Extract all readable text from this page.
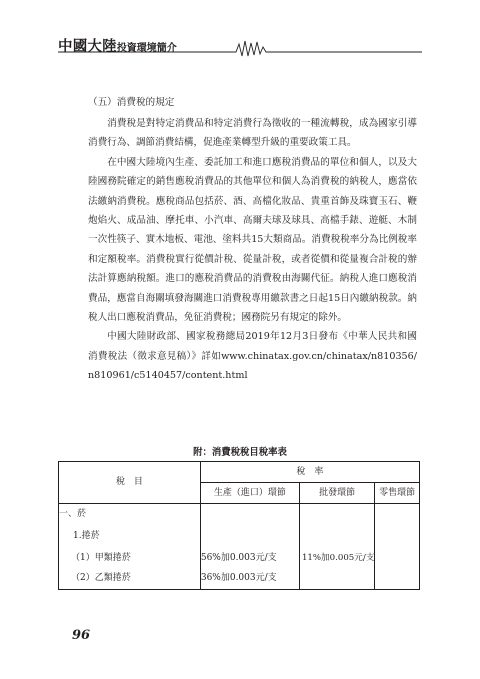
中國大陸投資環境簡介
（五）消費稅的規定

消費稅是對特定消費品和特定消費行為徵收的一種流轉稅，成為國家引導消費行為、調節消費結構，促進產業轉型升級的重要政策工具。

在中國大陸境內生產、委託加工和進口應稅消費品的單位和個人，以及大陸國務院確定的銷售應稅消費品的其他單位和個人為消費稅的納稅人，應當依法繳納消費稅。應稅商品包括菸、酒、高檔化妝品、貴重首飾及珠寶玉石、鞭炮焰火、成品油、摩托車、小汽車、高爾夫球及球具、高檔手錶、遊艇、木制一次性筷子、實木地板、電池、塗料共15大類商品。消費稅稅率分為比例稅率和定額稅率。消費稅實行從價計稅、從量計稅，或者從價和從量複合計稅的辦法計算應納稅額。進口的應稅消費品的消費稅由海關代征。納稅人進口應稅消費品，應當自海關填發海關進口消費稅專用繳款書之日起15日內繳納稅款。納稅人出口應稅消費品，免征消費稅；國務院另有規定的除外。

中國大陸財政部、國家稅務總局2019年12月3日發布《中華人民共和國消費稅法（徵求意見稿）》詳如www.chinatax.gov.cn/chinatax/n810356/n810961/c5140457/content.html

附：消費稅稅目稅率表
稅　目	稅　率		
	生產（進口）環節	批發環節	零售環節
一、菸			
1.捲菸			
（1）甲類捲菸	56%加0.003元/支	11%加0.005元/支	
（2）乙類捲菸	36%加0.003元/支		
96
